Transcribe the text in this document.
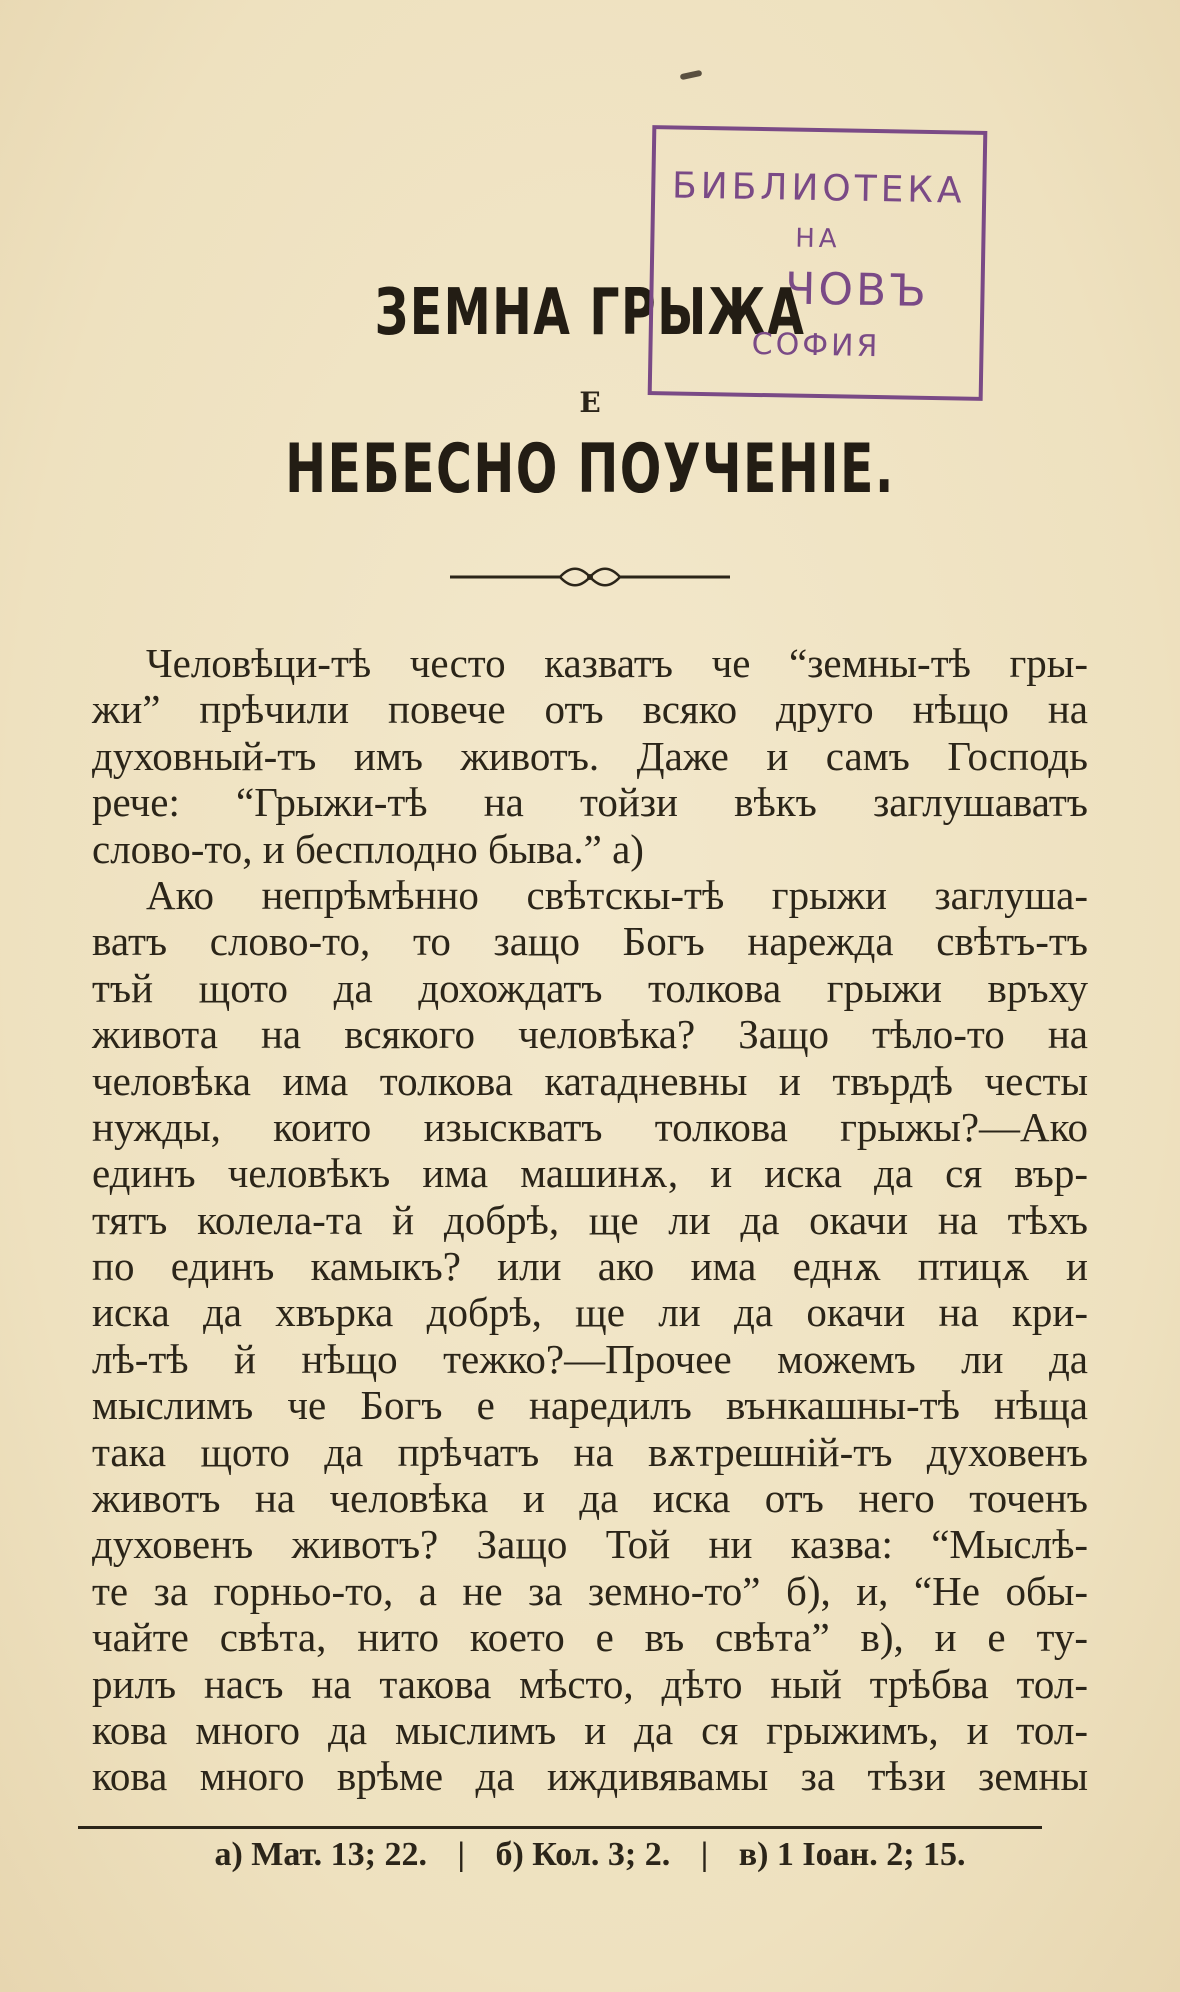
ЗЕМНА ГРЫЖА
Е
НЕБЕСНО ПОУЧЕНІЕ.
Человѣци-тѣ често казватъ че “земны-тѣ гры-
жи” прѣчили повече отъ всяко друго нѣщо на
духовный-тъ имъ животъ. Даже и самъ Господь
рече: “Грыжи-тѣ на тойзи вѣкъ заглушаватъ
слово-то, и бесплодно быва.” а)
Ако непрѣмѣнно свѣтскы-тѣ грыжи заглуша-
ватъ слово-то, то защо Богъ нарежда свѣтъ-тъ
тъй щото да дохождатъ толкова грыжи връху
живота на всякого человѣка? Защо тѣло-то на
человѣка има толкова катадневны и твърдѣ честы
нужды, които изыскватъ толкова грыжы?—Ако
единъ человѣкъ има машинѫ, и иска да ся вър-
тятъ колела-та й добрѣ, ще ли да окачи на тѣхъ
по единъ камыкъ? или ако има еднѫ птицѫ и
иска да хвърка добрѣ, ще ли да окачи на кри-
лѣ-тѣ й нѣщо тежко?—Прочее можемъ ли да
мыслимъ че Богъ е наредилъ вънкашны-тѣ нѣща
така щото да прѣчатъ на вѫтрешній-тъ духовенъ
животъ на человѣка и да иска отъ него точенъ
духовенъ животъ? Защо Той ни казва: “Мыслѣ-
те за горньо-то, а не за земно-то” б), и, “Не обы-
чайте свѣта, нито което е въ свѣта” в), и е ту-
рилъ насъ на такова мѣсто, дѣто ный трѣбва тол-
кова много да мыслимъ и да ся грыжимъ, и тол-
кова много врѣме да иждивявамы за тѣзи земны
а) Мат. 13; 22. | б) Кол. 3; 2. | в) 1 Іоан. 2; 15.
БИБЛИОТЕКА
НА
ЧОВЪ
СОФИЯ
